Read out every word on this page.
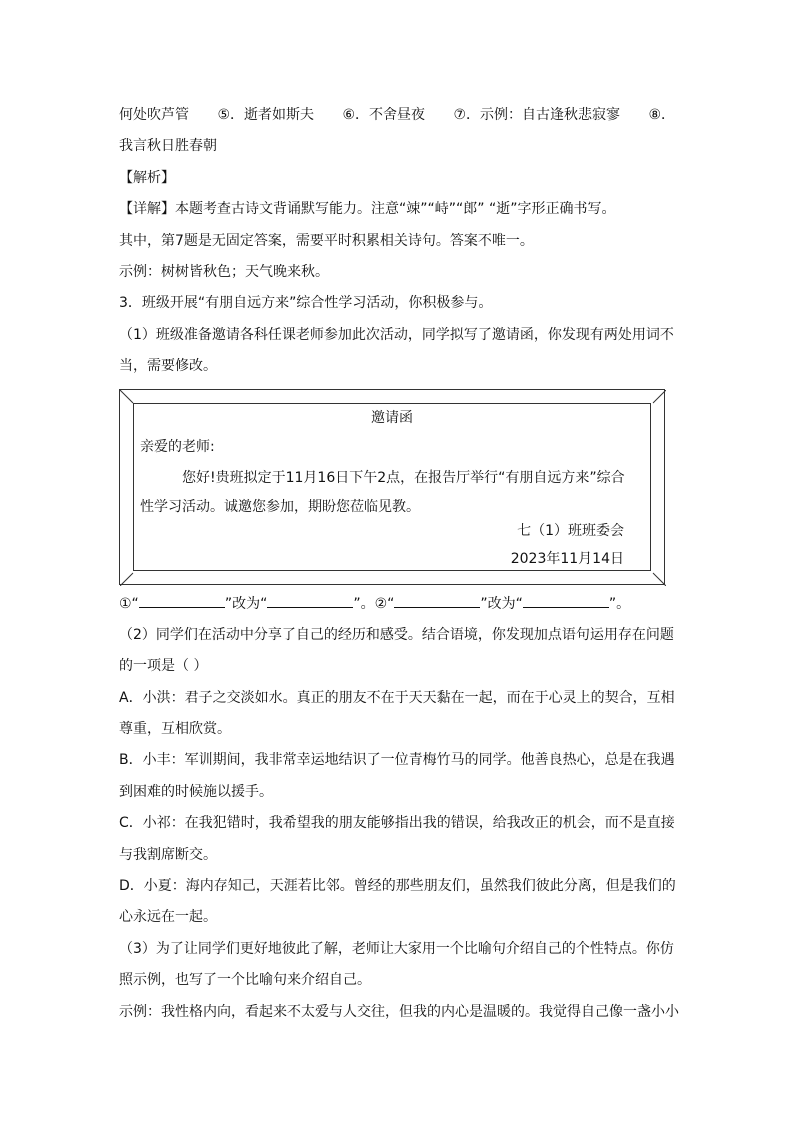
何处吹芦管 ⑤．逝者如斯夫 ⑥．不舍昼夜 ⑦．示例：自古逢秋悲寂寥 ⑧．
我言秋日胜春朝
【解析】
【详解】本题考查古诗文背诵默写能力。注意“竦”“峙”“郎” “逝”字形正确书写。
其中，第7题是无固定答案，需要平时积累相关诗句。答案不唯一。
示例：树树皆秋色；天气晚来秋。
3．班级开展“有朋自远方来”综合性学习活动，你积极参与。
（1）班级准备邀请各科任课老师参加此次活动，同学拟写了邀请函，你发现有两处用词不
当，需要修改。
邀请函
亲爱的老师:
您好!贵班拟定于11月16日下午2点，在报告厅举行“有朋自远方来”综合性学习活动。诚邀您参加，期盼您莅临见教。
七（1）班班委会
2023年11月14日
①“	”改为“	”。②“	”改为“	”。
（2）同学们在活动中分享了自己的经历和感受。结合语境，你发现加点语句运用存在问题
的一项是（ ）
A．小洪：君子之交淡如水。真正的朋友不在于天天黏在一起，而在于心灵上的契合，互相
尊重，互相欣赏。
B．小丰：军训期间，我非常幸运地结识了一位青梅竹马的同学。他善良热心，总是在我遇
到困难的时候施以援手。
C．小祁：在我犯错时，我希望我的朋友能够指出我的错误，给我改正的机会，而不是直接
与我割席断交。
D．小夏：海内存知己，天涯若比邻。曾经的那些朋友们，虽然我们彼此分离，但是我们的
心永远在一起。
（3）为了让同学们更好地彼此了解，老师让大家用一个比喻句介绍自己的个性特点。你仿
照示例，也写了一个比喻句来介绍自己。
示例：我性格内向，看起来不太爱与人交往，但我的内心是温暖的。我觉得自己像一盏小小
